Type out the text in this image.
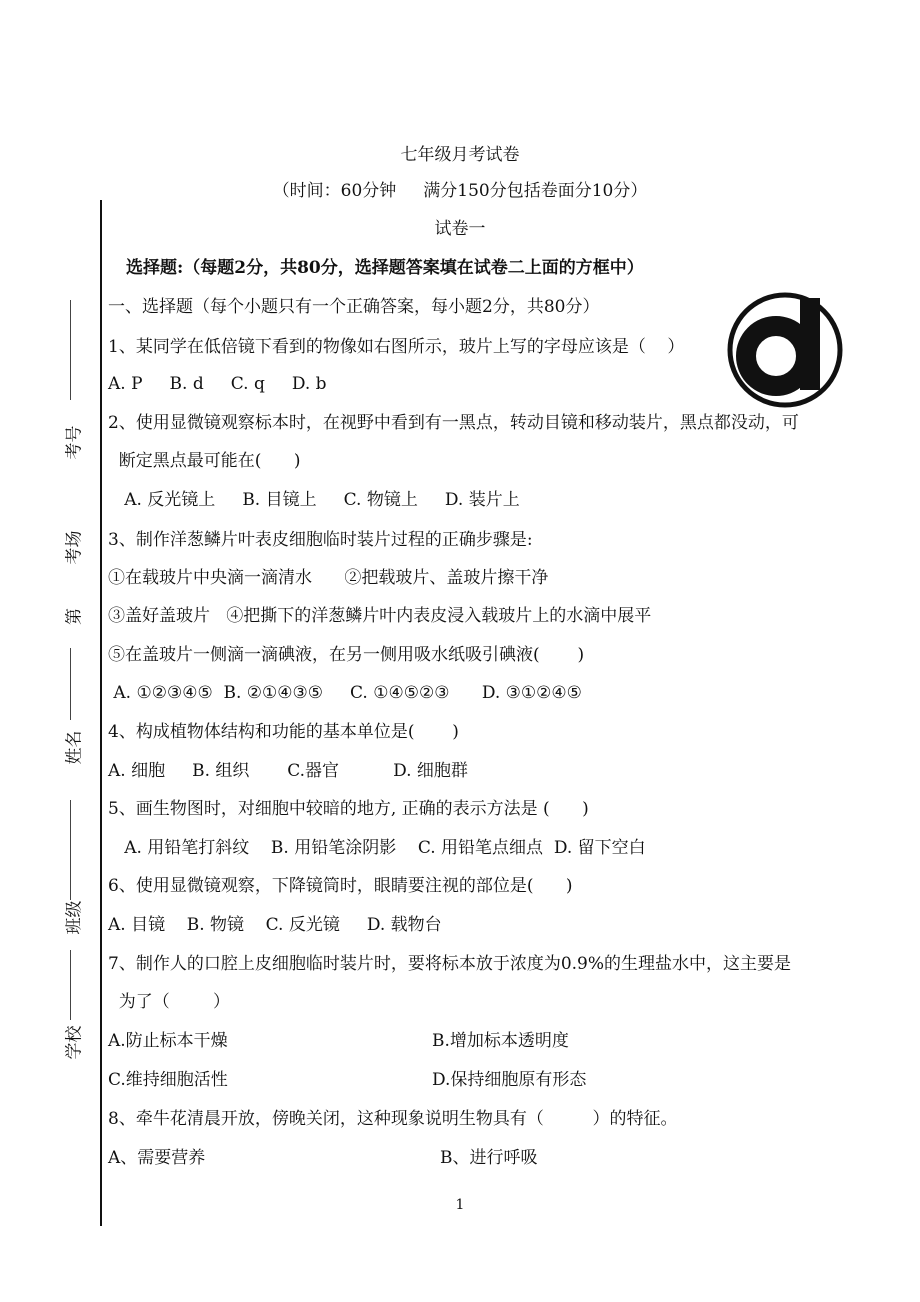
七年级月考试卷
（时间：60分钟     满分150分包括卷面分10分）
试卷一
选择题:（每题2分，共80分，选择题答案填在试卷二上面的方框中）
考号
考场
第
姓名
班级
学校
一、选择题（每个小题只有一个正确答案，每小题2分，共80分）
1、某同学在低倍镜下看到的物像如右图所示，玻片上写的字母应该是（    ）
A. P     B. d     C. q     D. b
2、使用显微镜观察标本时，在视野中看到有一黑点，转动目镜和移动装片，黑点都没动，可
断定黑点最可能在(      )
A. 反光镜上     B. 目镜上     C. 物镜上     D. 装片上
3、制作洋葱鳞片叶表皮细胞临时装片过程的正确步骤是:
①在载玻片中央滴一滴清水      ②把载玻片、盖玻片擦干净
③盖好盖玻片   ④把撕下的洋葱鳞片叶内表皮浸入载玻片上的水滴中展平
⑤在盖玻片一侧滴一滴碘液，在另一侧用吸水纸吸引碘液(       )
A. ①②③④⑤  B. ②①④③⑤     C. ①④⑤②③      D. ③①②④⑤
4、构成植物体结构和功能的基本单位是(       )
A. 细胞     B. 组织       C.器官          D. 细胞群
5、画生物图时，对细胞中较暗的地方, 正确的表示方法是 (      )
A. 用铅笔打斜纹    B. 用铅笔涂阴影    C. 用铅笔点细点  D. 留下空白
6、使用显微镜观察，下降镜筒时，眼睛要注视的部位是(      )
A. 目镜    B. 物镜    C. 反光镜     D. 载物台
7、制作人的口腔上皮细胞临时装片时，要将标本放于浓度为0.9%的生理盐水中，这主要是
为了（        ）
A.防止标本干燥	B.增加标本透明度
C.维持细胞活性	D.保持细胞原有形态
8、牵牛花清晨开放，傍晚关闭，这种现象说明生物具有（         ）的特征。
A、需要营养	B、进行呼吸
1
